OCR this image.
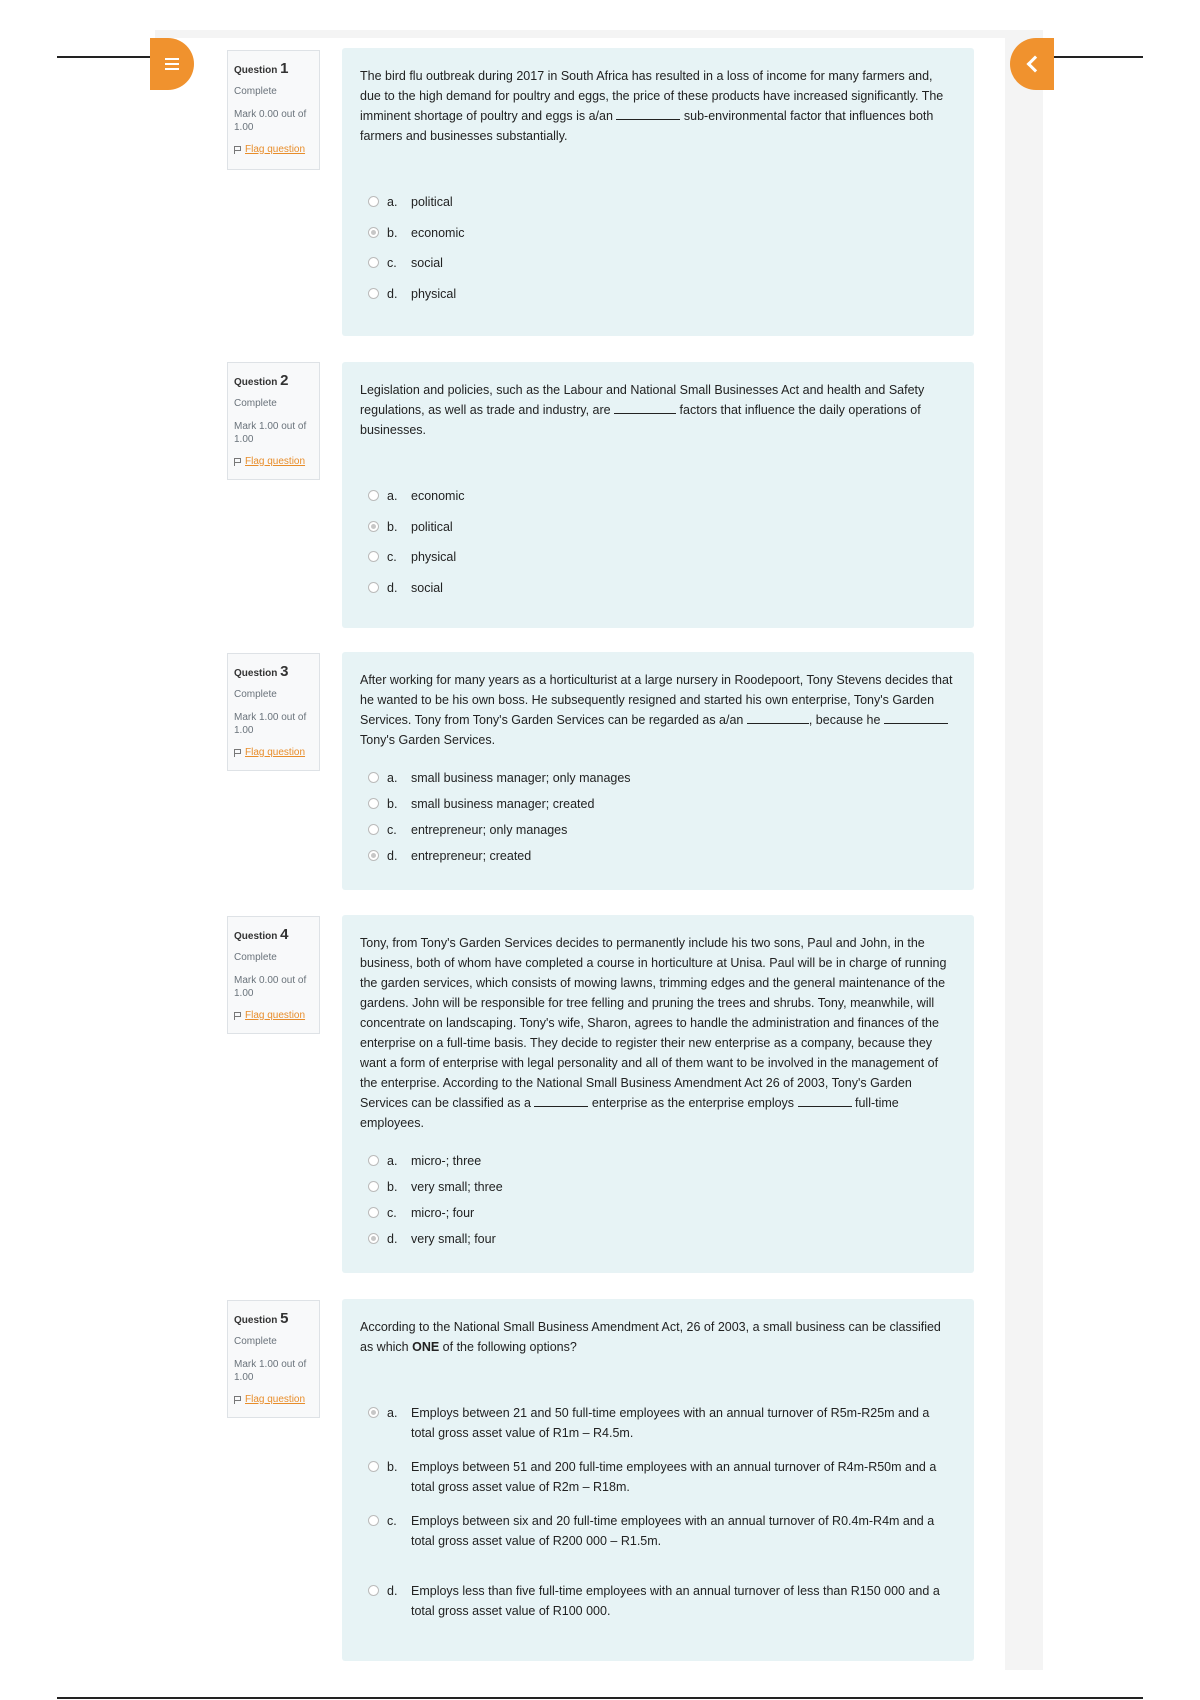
Question 1
Complete
Mark 0.00 out of 1.00
Flag question
The bird flu outbreak during 2017 in South Africa has resulted in a loss of income for many farmers and, due to the high demand for poultry and eggs, the price of these products have increased significantly. The imminent shortage of poultry and eggs is a/an	sub-environmental factor that influences both farmers and businesses substantially.
a.	political
b.	economic
c.	social
d.	physical
Question 2
Complete
Mark 1.00 out of 1.00
Flag question
Legislation and policies, such as the Labour and National Small Businesses Act and health and Safety regulations, as well as trade and industry, are	factors that influence the daily operations of businesses.
a.	economic
b.	political
c.	physical
d.	social
Question 3
Complete
Mark 1.00 out of 1.00
Flag question
After working for many years as a horticulturist at a large nursery in Roodepoort, Tony Stevens decides that he wanted to be his own boss. He subsequently resigned and started his own enterprise, Tony's Garden Services. Tony from Tony's Garden Services can be regarded as a/an	, because he  Tony's Garden Services.
a.	small business manager; only manages
b.	small business manager; created
c.	entrepreneur; only manages
d.	entrepreneur; created
Question 4
Complete
Mark 0.00 out of 1.00
Flag question
Tony, from Tony's Garden Services decides to permanently include his two sons, Paul and John, in the business, both of whom have completed a course in horticulture at Unisa. Paul will be in charge of running the garden services, which consists of mowing lawns, trimming edges and the general maintenance of the gardens. John will be responsible for tree felling and pruning the trees and shrubs. Tony, meanwhile, will concentrate on landscaping. Tony's wife, Sharon, agrees to handle the administration and finances of the enterprise on a full-time basis. They decide to register their new enterprise as a company, because they want a form of enterprise with legal personality and all of them want to be involved in the management of the enterprise. According to the National Small Business Amendment Act 26 of 2003, Tony's Garden Services can be classified as a	enterprise as the enterprise employs	full-time employees.
a.	micro-; three
b.	very small; three
c.	micro-; four
d.	very small; four
Question 5
Complete
Mark 1.00 out of 1.00
Flag question
According to the National Small Business Amendment Act, 26 of 2003, a small business can be classified as which ONE of the following options?
a.	Employs between 21 and 50 full-time employees with an annual turnover of R5m-R25m and a total gross asset value of R1m – R4.5m.
b.	Employs between 51 and 200 full-time employees with an annual turnover of R4m-R50m and a total gross asset value of R2m – R18m.
c.	Employs between six and 20 full-time employees with an annual turnover of R0.4m-R4m and a total gross asset value of R200 000 – R1.5m.
d.	Employs less than five full-time employees with an annual turnover of less than R150 000 and a total gross asset value of R100 000.
